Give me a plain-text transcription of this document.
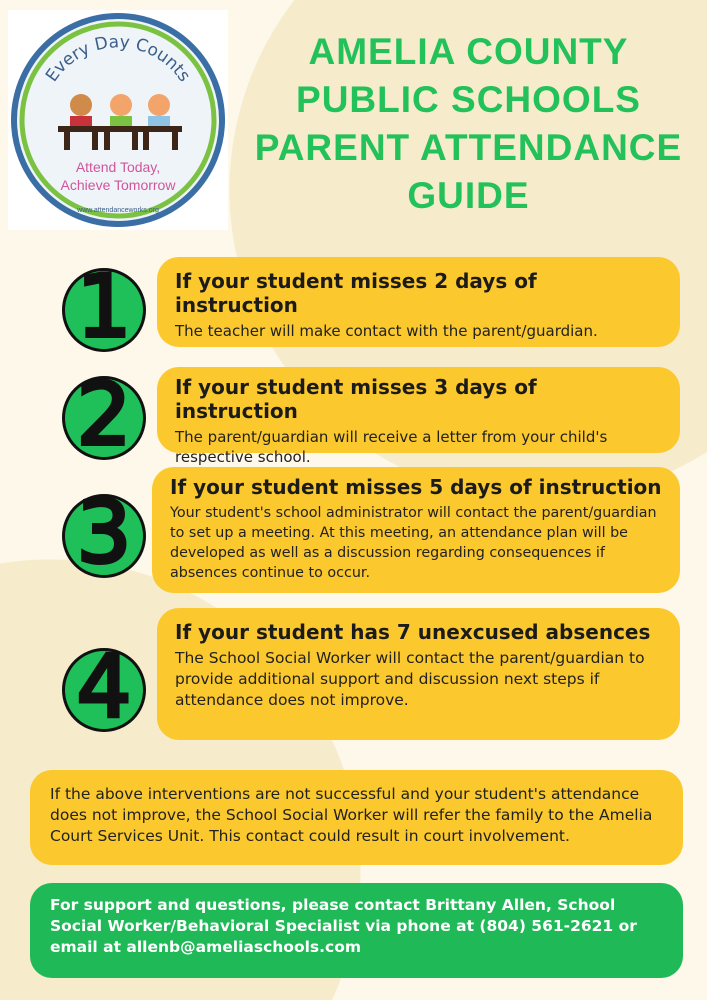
Every Day Counts
Attend Today,
Achieve Tomorrow
www.attendanceworks.org
AMELIA COUNTY
PUBLIC SCHOOLS
PARENT ATTENDANCE
GUIDE
1	If your student misses 2 days of instruction

The teacher will make contact with the parent/guardian.

2	If your student misses 3 days of instruction

The parent/guardian will receive a letter from your child's respective school.

3	If your student misses 5 days of instruction

Your student's school administrator will contact the parent/guardian to set up a meeting. At this meeting, an attendance plan will be developed as well as a discussion regarding consequences if absences continue to occur.

4
If your student has 7 unexcused absences

The School Social Worker will contact the parent/guardian to provide additional support and discussion next steps if attendance does not improve.

If the above interventions are not successful and your student's attendance does not improve, the School Social Worker will refer the family to the Amelia Court Services Unit. This contact could result in court involvement.
For support and questions, please contact Brittany Allen, School Social Worker/Behavioral Specialist via phone at (804) 561-2621 or email at allenb@ameliaschools.com
